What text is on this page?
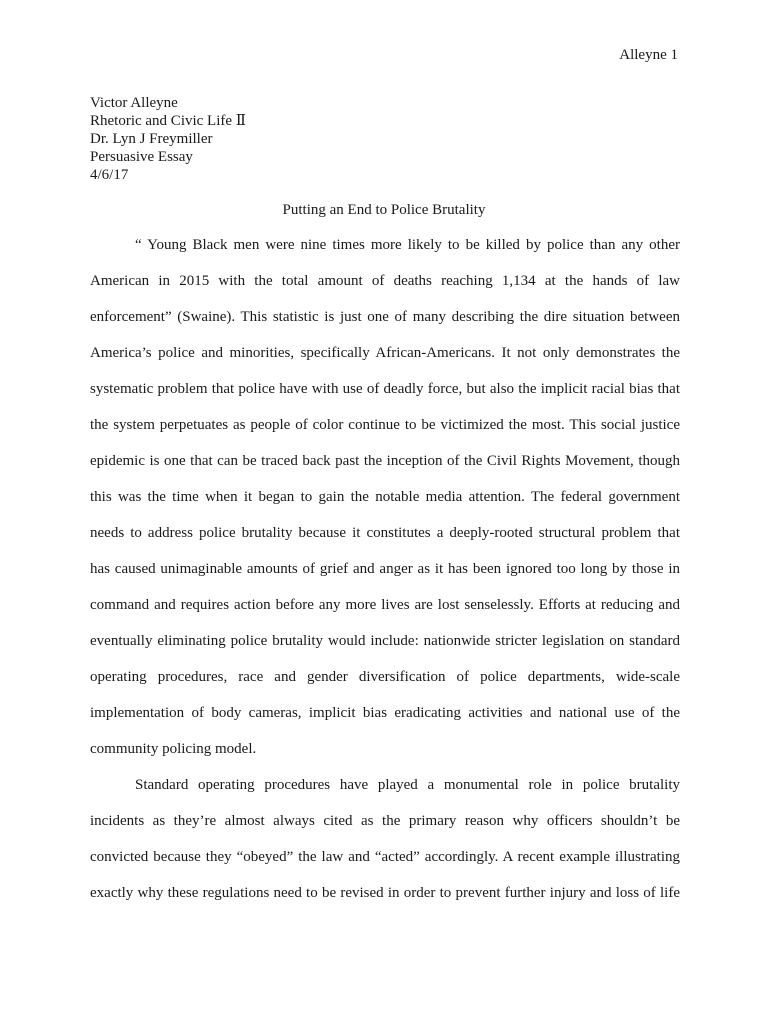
Alleyne 1
Victor Alleyne
Rhetoric and Civic Life Ⅱ
Dr. Lyn J Freymiller
Persuasive Essay
4/6/17
Putting an End to Police Brutality
“ Young Black men were nine times more likely to be killed by police than any other
American in 2015 with the total amount of deaths reaching 1,134 at the hands of law
enforcement” (Swaine). This statistic is just one of many describing the dire situation between
America’s police and minorities, specifically African-Americans. It not only demonstrates the
systematic problem that police have with use of deadly force, but also the implicit racial bias that
the system perpetuates as people of color continue to be victimized the most. This social justice
epidemic is one that can be traced back past the inception of the Civil Rights Movement, though
this was the time when it began to gain the notable media attention. The federal government
needs to address police brutality because it constitutes a deeply-rooted structural problem that
has caused unimaginable amounts of grief and anger as it has been ignored too long by those in
command and requires action before any more lives are lost senselessly. Efforts at reducing and
eventually eliminating police brutality would include: nationwide stricter legislation on standard
operating procedures, race and gender diversification of police departments, wide-scale
implementation of body cameras, implicit bias eradicating activities and national use of the
community policing model.
Standard operating procedures have played a monumental role in police brutality
incidents as they’re almost always cited as the primary reason why officers shouldn’t be
convicted because they “obeyed” the law and “acted” accordingly. A recent example illustrating
exactly why these regulations need to be revised in order to prevent further injury and loss of life
